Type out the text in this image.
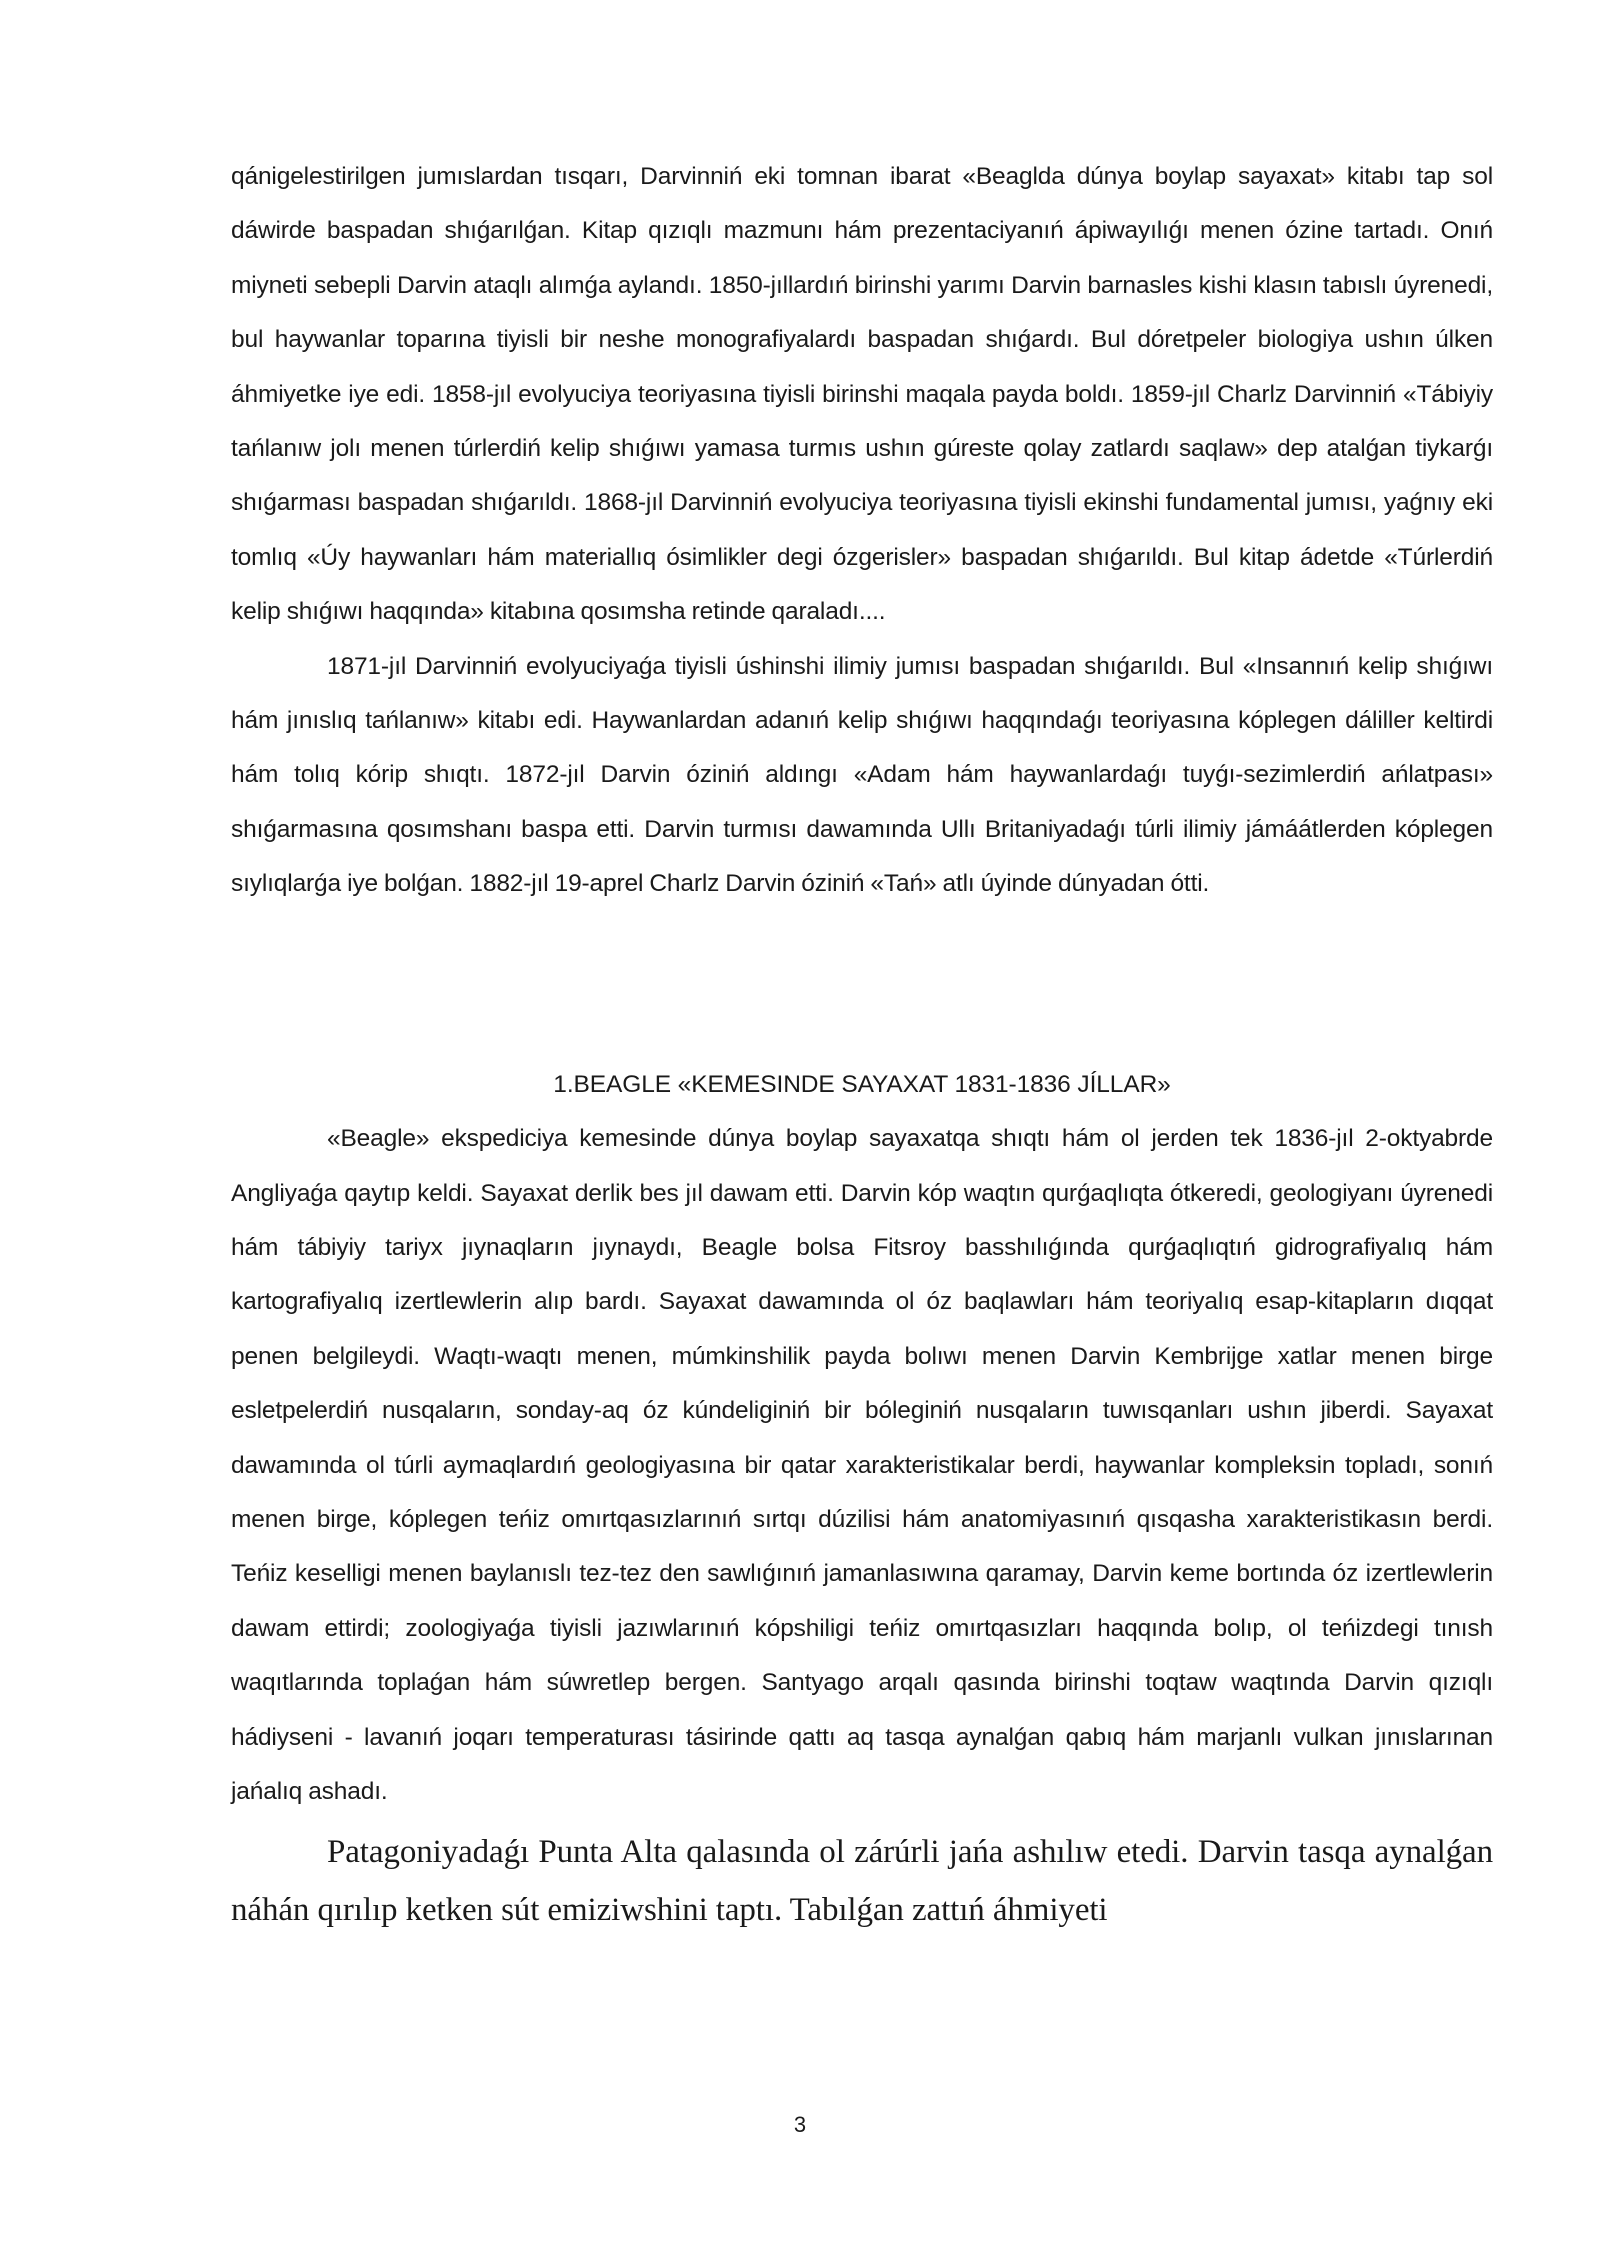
qánigelestirilgen jumıslardan tısqarı, Darvinniń eki tomnan ibarat «Beaglda dúnya boylap sayaxat» kitabı tap sol dáwirde baspadan shıǵarılǵan. Kitap qızıqlı mazmunı hám prezentaciyanıń ápiwayılıǵı menen ózine tartadı. Onıń miyneti sebepli Darvin ataqlı alımǵa aylandı. 1850-jıllardıń birinshi yarımı Darvin barnasles kishi klasın tabıslı úyrenedi, bul haywanlar toparına tiyisli bir neshe monografiyalardı baspadan shıǵardı. Bul dóretpeler biologiya ushın úlken áhmiyetke iye edi. 1858-jıl evolyuciya teoriyasına tiyisli birinshi maqala payda boldı. 1859-jıl Charlz Darvinniń «Tábiyiy tańlanıw jolı menen túrlerdiń kelip shıǵıwı yamasa turmıs ushın gúreste qolay zatlardı saqlaw» dep atalǵan tiykarǵı shıǵarması baspadan shıǵarıldı. 1868-jıl Darvinniń evolyuciya teoriyasına tiyisli ekinshi fundamental jumısı, yaǵnıy eki tomlıq «Úy haywanları hám materiallıq ósimlikler degi ózgerisler» baspadan shıǵarıldı. Bul kitap ádetde «Túrlerdiń kelip shıǵıwı haqqında» kitabına qosımsha retinde qaraladı....

1871-jıl Darvinniń evolyuciyaǵa tiyisli úshinshi ilimiy jumısı baspadan shıǵarıldı. Bul «Insannıń kelip shıǵıwı hám jınıslıq tańlanıw» kitabı edi. Haywanlardan adanıń kelip shıǵıwı haqqındaǵı teoriyasına kóplegen dáliller keltirdi hám tolıq kórip shıqtı. 1872-jıl Darvin óziniń aldıngı «Adam hám haywanlardaǵı tuyǵı-sezimlerdiń ańlatpası» shıǵarmasına qosımshanı baspa etti. Darvin turmısı dawamında Ullı Britaniyadaǵı túrli ilimiy jámáátlerden kóplegen sıylıqlarǵa iye bolǵan. 1882-jıl 19-aprel Charlz Darvin óziniń «Tań» atlı úyinde dúnyadan ótti.

1.BEAGLE «KEMESINDE SAYAXAT 1831-1836 JÍLLAR»

«Beagle» ekspediciya kemesinde dúnya boylap sayaxatqa shıqtı hám ol jerden tek 1836-jıl 2-oktyabrde Angliyaǵa qaytıp keldi. Sayaxat derlik bes jıl dawam etti. Darvin kóp waqtın qurǵaqlıqta ótkeredi, geologiyanı úyrenedi hám tábiyiy tariyx jıynaqların jıynaydı, Beagle bolsa Fitsroy basshılıǵında qurǵaqlıqtıń gidrografiyalıq hám kartografiyalıq izertlewlerin alıp bardı. Sayaxat dawamında ol óz baqlawları hám teoriyalıq esap-kitapların dıqqat penen belgileydi. Waqtı-waqtı menen, múmkinshilik payda bolıwı menen Darvin Kembrijge xatlar menen birge esletpelerdiń nusqaların, sonday-aq óz kúndeliginiń bir bóleginiń nusqaların tuwısqanları ushın jiberdi. Sayaxat dawamında ol túrli aymaqlardıń geologiyasına bir qatar xarakteristikalar berdi, haywanlar kompleksin topladı, sonıń menen birge, kóplegen teńiz omırtqasızlarınıń sırtqı dúzilisi hám anatomiyasınıń qısqasha xarakteristikasın berdi. Teńiz keselligi menen baylanıslı tez-tez den sawlıǵınıń jamanlasıwına qaramay, Darvin keme bortında óz izertlewlerin dawam ettirdi; zoologiyaǵa tiyisli jazıwlarınıń kópshiligi teńiz omırtqasızları haqqında bolıp, ol teńizdegi tınısh waqıtlarında toplaǵan hám súwretlep bergen. Santyago arqalı qasında birinshi toqtaw waqtında Darvin qızıqlı hádiyseni - lavanıń joqarı temperaturası tásirinde qattı aq tasqa aynalǵan qabıq hám marjanlı vulkan jınıslarınan jańalıq ashadı.

Patagoniyadaǵı Punta Alta qalasında ol zárúrli jańa ashılıw etedi. Darvin tasqa aynalǵan náhán qırılıp ketken sút emiziwshini taptı. Tabılǵan zattıń áhmiyeti

3
